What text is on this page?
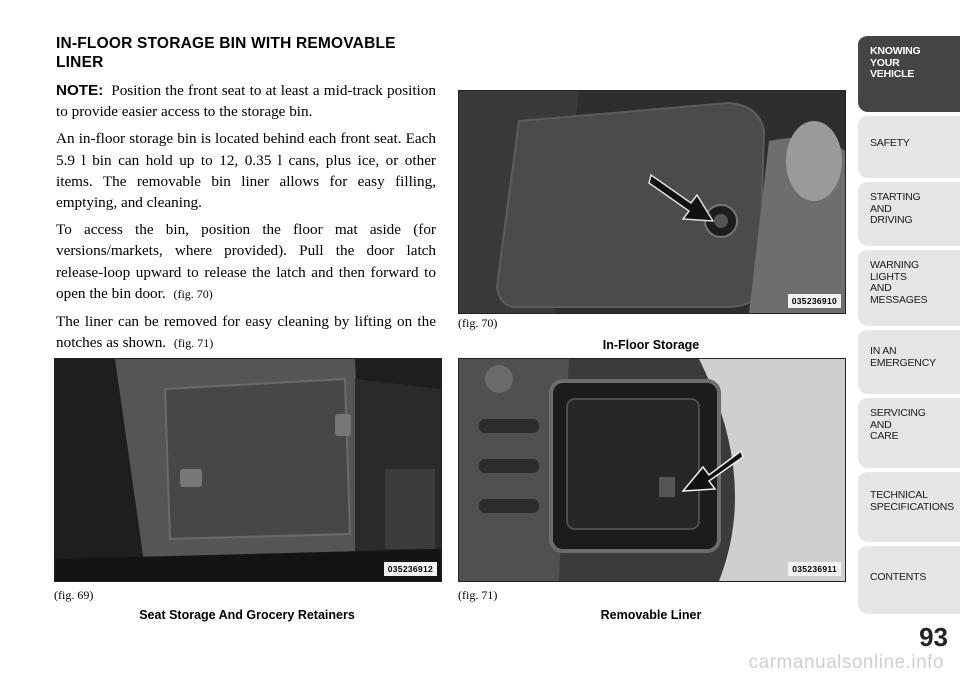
IN-FLOOR STORAGE BIN WITH REMOVABLE LINER

NOTE: Position the front seat to at least a mid-track position to provide easier access to the storage bin.

An in-floor storage bin is located behind each front seat. Each 5.9 l bin can hold up to 12, 0.35 l cans, plus ice, or other items. The removable bin liner allows for easy filling, emptying, and cleaning.

To access the bin, position the floor mat aside (for versions/markets, where provided). Pull the door latch release-loop upward to release the latch and then forward to open the bin door. (fig. 70)

The liner can be removed for easy cleaning by lifting on the notches as shown. (fig. 71)

035236910
(fig. 70)
In-Floor Storage
035236912
(fig. 69)
Seat Storage And Grocery Retainers
035236911
(fig. 71)
Removable Liner
KNOWING
YOUR
VEHICLE
SAFETY
STARTING
AND
DRIVING
WARNING
LIGHTS
AND
MESSAGES
IN AN
EMERGENCY
SERVICING
AND
CARE
TECHNICAL
SPECIFICATIONS
CONTENTS
93
carmanualsonline.info
